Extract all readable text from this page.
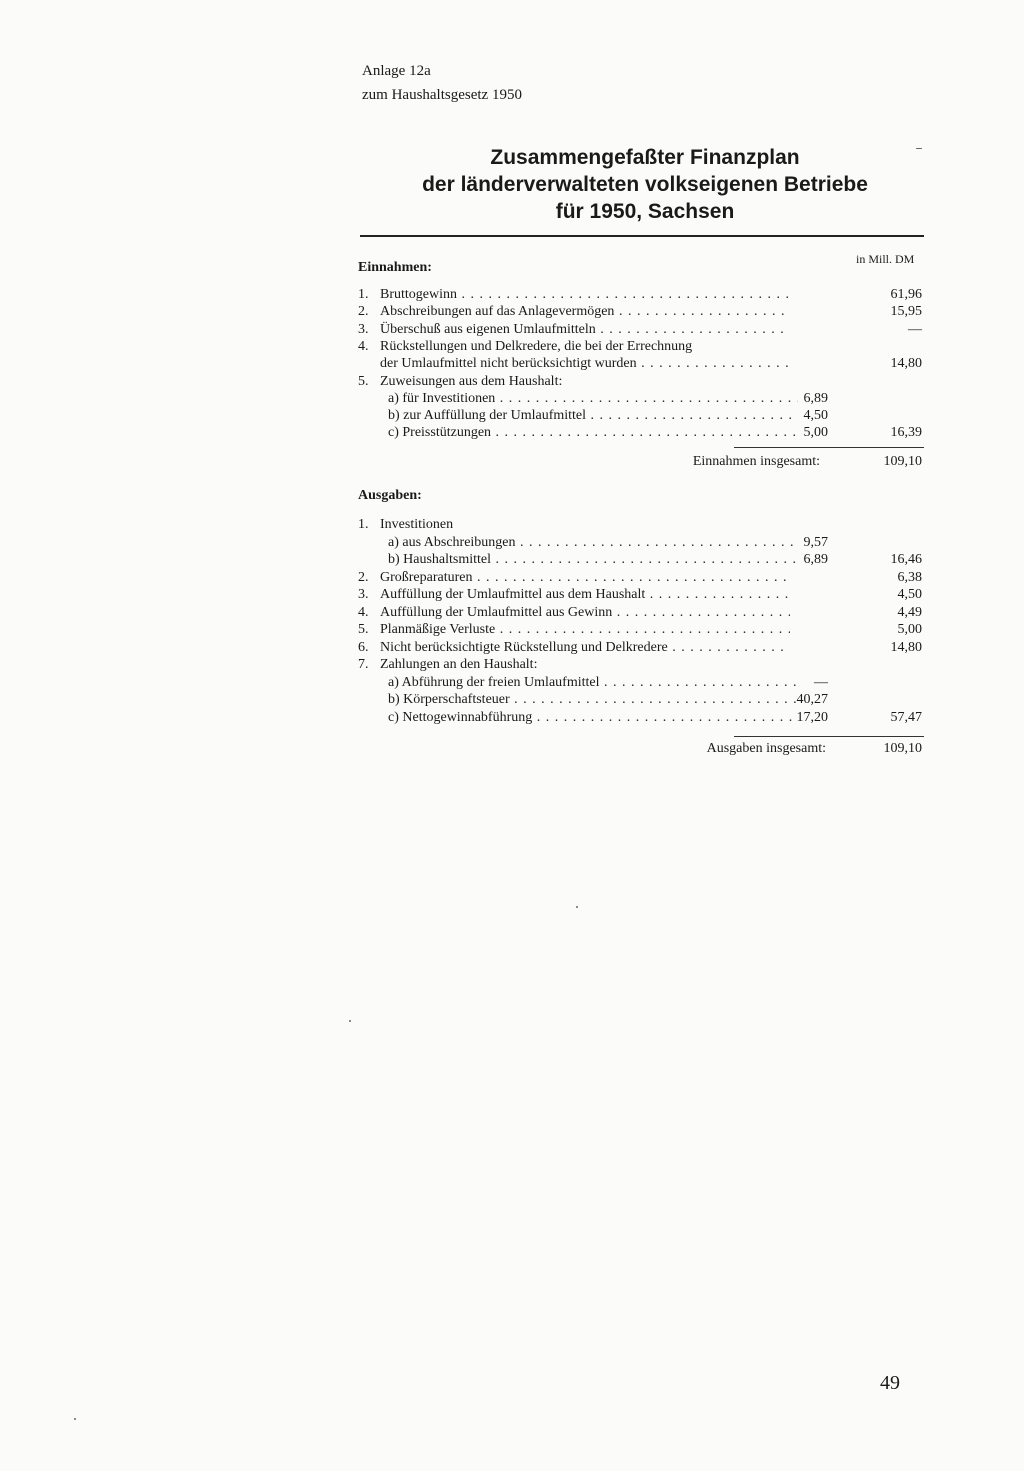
Anlage 12a
zum Haushaltsgesetz 1950
Zusammengefaßter Finanzplan
der länderverwalteten volkseigenen Betriebe
für 1950, Sachsen
in Mill. DM
Einnahmen:
1. Bruttogewinn . . .	61,96
2. Abschreibungen auf das Anlagevermögen . . .	15,95
3. Überschuß aus eigenen Umlaufmitteln . . .	—
4. Rückstellungen und Delkredere, die bei der Errechnung
der Umlaufmittel nicht berücksichtigt wurden . . .	14,80
5. Zuweisungen aus dem Haushalt:
a) für Investitionen . . .	6,89
b) zur Auffüllung der Umlaufmittel . . .	4,50
c) Preisstützungen . . .	5,00	16,39
Einnahmen insgesamt:	109,10
Ausgaben:
1. Investitionen
a) aus Abschreibungen . . .	9,57
b) Haushaltsmittel . . .	6,89	16,46
2. Großreparaturen . . .	6,38
3. Auffüllung der Umlaufmittel aus dem Haushalt . . .	4,50
4. Auffüllung der Umlaufmittel aus Gewinn . . .	4,49
5. Planmäßige Verluste . . .	5,00
6. Nicht berücksichtigte Rückstellung und Delkredere . . .	14,80
7. Zahlungen an den Haushalt:
a) Abführung der freien Umlaufmittel . . .	—
b) Körperschaftsteuer . . .	40,27
c) Nettogewinnabführung . . .	17,20	57,47
Ausgaben insgesamt:	109,10
49
